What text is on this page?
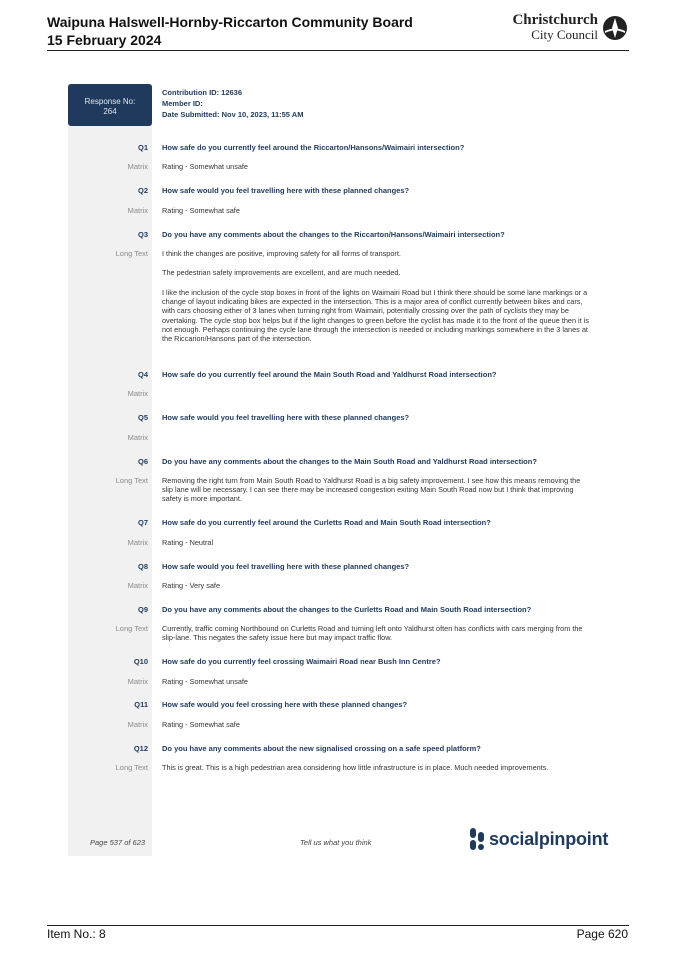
Waipuna Halswell-Hornby-Riccarton Community Board
15 February 2024
Christchurch
City Council
Response No:
264
Contribution ID: 12636
Member ID:
Date Submitted: Nov 10, 2023, 11:55 AM
Q1 How safe do you currently feel around the Riccarton/Hansons/Waimairi intersection?
Matrix Rating - Somewhat unsafe
Q2 How safe would you feel travelling here with these planned changes?
Matrix Rating - Somewhat safe
Q3 Do you have any comments about the changes to the Riccarton/Hansons/Waimairi intersection?
Long Text I think the changes are positive, improving safety for all forms of transport.
The pedestrian safety improvements are excellent, and are much needed.
I like the inclusion of the cycle stop boxes in front of the lights on Waimairi Road but I think there should be some lane markings or a change of layout indicating bikes are expected in the intersection. This is a major area of conflict currently between bikes and cars, with cars choosing either of 3 lanes when turning right from Waimairi, potentially crossing over the path of cyclists they may be overtaking. The cycle stop box helps but if the light changes to green before the cyclist has made it to the front of the queue then it is not enough. Perhaps continuing the cycle lane through the intersection is needed or including markings somewhere in the 3 lanes at the Riccarion/Hansons part of the intersection.
Q4 How safe do you currently feel around the Main South Road and Yaldhurst Road intersection?
Matrix
Q5 How safe would you feel travelling here with these planned changes?
Matrix
Q6 Do you have any comments about the changes to the Main South Road and Yaldhurst Road intersection?
Long Text Removing the right turn from Main South Road to Yaldhurst Road is a big safety improvement. I see how this means removing the slip lane will be necessary. I can see there may be increased congestion exiting Main South Road now but I think that improving safety is more important.
Q7 How safe do you currently feel around the Curletts Road and Main South Road intersection?
Matrix Rating - Neutral
Q8 How safe would you feel travelling here with these planned changes?
Matrix Rating - Very safe
Q9 Do you have any comments about the changes to the Curletts Road and Main South Road intersection?
Long Text Currently, traffic coming Northbound on Curletts Road and turning left onto Yaldhurst often has conflicts with cars merging from the slip-lane. This negates the safety issue here but may impact traffic flow.
Q10 How safe do you currently feel crossing Waimairi Road near Bush Inn Centre?
Matrix Rating - Somewhat unsafe
Q11 How safe would you feel crossing here with these planned changes?
Matrix Rating - Somewhat safe
Q12 Do you have any comments about the new signalised crossing on a safe speed platform?
Long Text This is great. This is a high pedestrian area considering how little infrastructure is in place. Much needed improvements.
Page 537 of 623	Tell us what you think	socialpinpoint
Item No.: 8	Page 620
